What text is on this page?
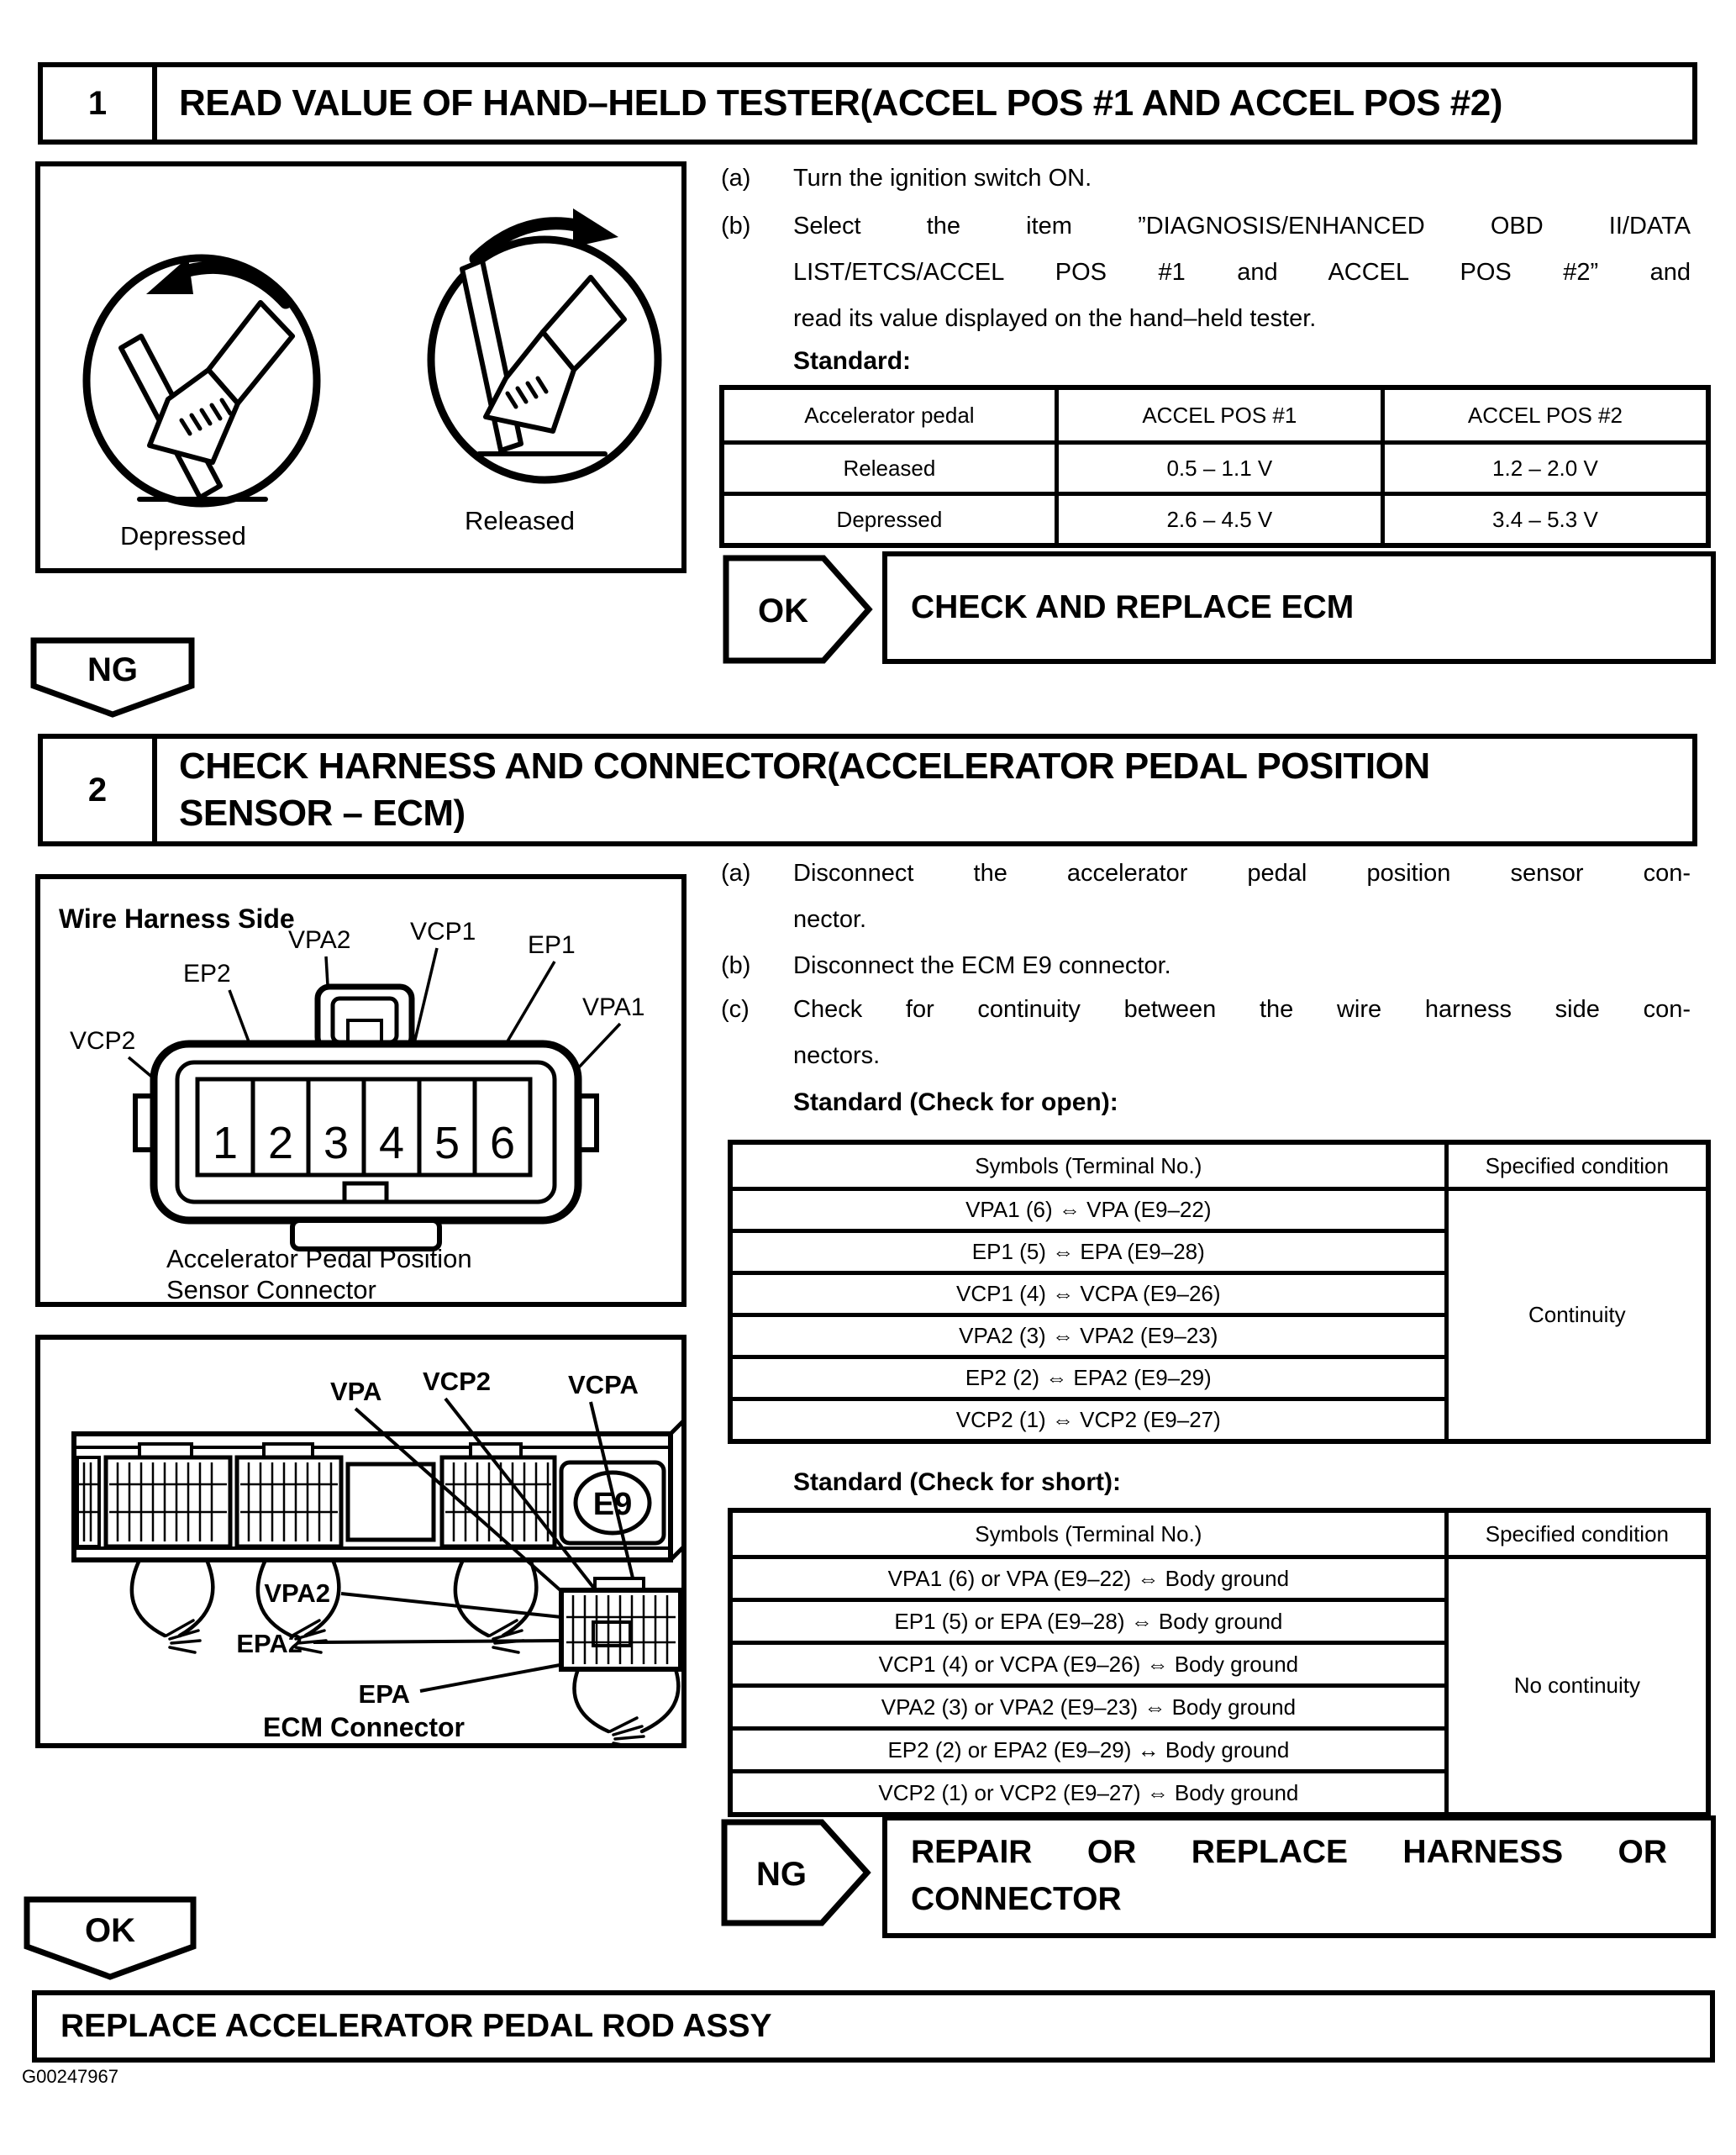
1	READ VALUE OF HAND–HELD TESTER(ACCEL POS #1 AND ACCEL POS #2)
Depressed
Released
(a)	Turn the ignition switch ON.
(b)	Select the item ”DIAGNOSIS/ENHANCED OBD II/DATA
LIST/ETCS/ACCEL POS #1 and ACCEL POS #2” and
read its value displayed on the hand–held tester.
Standard:
Accelerator pedal	ACCEL POS #1	ACCEL POS #2
Released	0.5 – 1.1 V	1.2 – 2.0 V
Depressed	2.6 – 4.5 V	3.4 – 5.3 V
OK	CHECK AND REPLACE ECM
NG
2
CHECK HARNESS AND CONNECTOR(ACCELERATOR PEDAL POSITION
SENSOR – ECM)
Wire Harness Side
VPA2 VCP1 EP1
EP2
VPA1
VCP2
1 2 3 4 5 6
Accelerator Pedal Position
Sensor Connector
(a)	Disconnect the accelerator pedal position sensor con-
nector.
(b)	Disconnect the ECM E9 connector.
(c)	Check for continuity between the wire harness side con-
nectors.
Standard (Check for open):
Symbols (Terminal No.)	Specified condition
VPA1 (6) ⇔ VPA (E9–22)	Continuity
EP1 (5) ⇔ EPA (E9–28)	
VCP1 (4) ⇔ VCPA (E9–26)	
VPA2 (3) ⇔ VPA2 (E9–23)	
EP2 (2) ⇔ EPA2 (E9–29)	
VCP2 (1) ⇔ VCP2 (E9–27)	
Standard (Check for short):
Symbols (Terminal No.)	Specified condition
VPA1 (6) or VPA (E9–22) ⇔ Body ground	No continuity
EP1 (5) or EPA (E9–28) ⇔ Body ground	
VCP1 (4) or VCPA (E9–26) ⇔ Body ground	
VPA2 (3) or VPA2 (E9–23) ⇔ Body ground	
EP2 (2) or EPA2 (E9–29) ↔ Body ground	
VCP2 (1) or VCP2 (E9–27) ⇔ Body ground	
VPA VCP2	VCPA
E9
VPA2
EPA2
EPA
ECM Connector
NG
REPAIR OR REPLACE HARNESS OR
CONNECTOR
OK
REPLACE ACCELERATOR PEDAL ROD ASSY
G00247967
